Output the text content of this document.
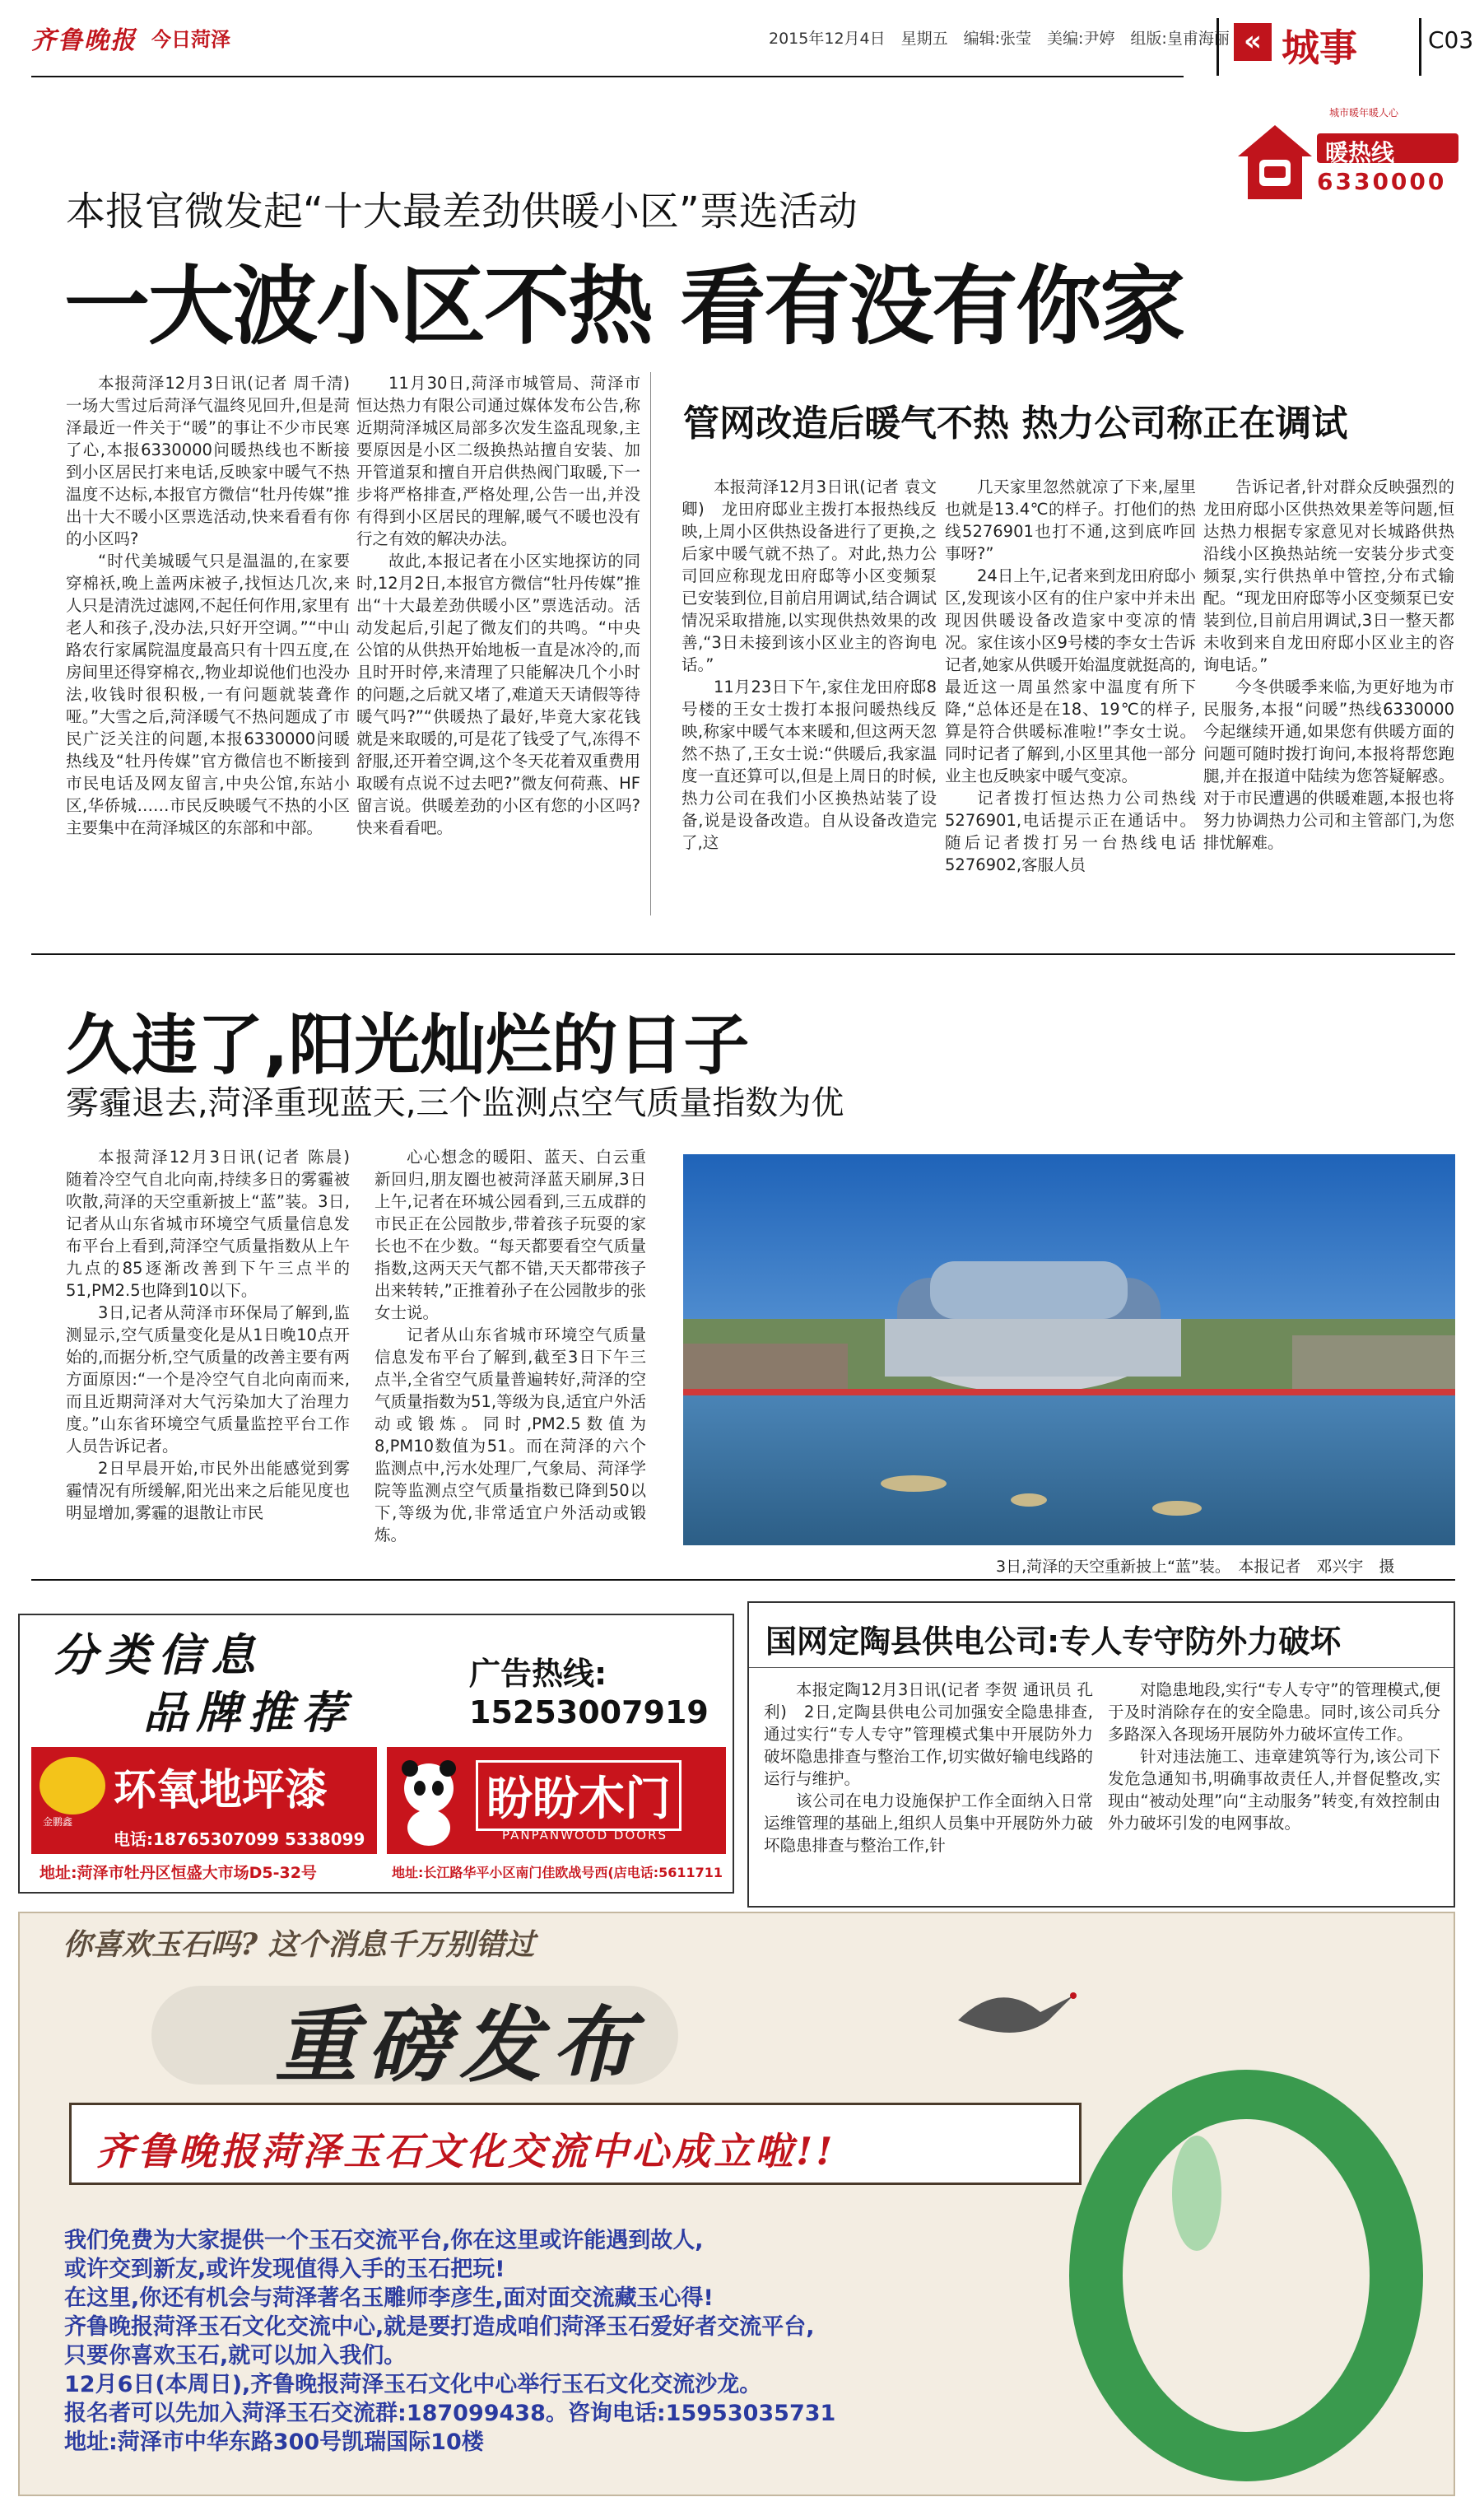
齐鲁晚报 今日菏泽	2015年12月4日　星期五　编辑:张莹　美编:尹婷　组版:皇甫海丽 « 城事	C03
城市暖年暖人心
暖热线
6330000
本报官微发起“十大最差劲供暖小区”票选活动
一大波小区不热 看有没有你家

本报菏泽12月3日讯(记者 周千清)　一场大雪过后菏泽气温终见回升,但是菏泽最近一件关于“暖”的事让不少市民寒了心,本报6330000问暖热线也不断接到小区居民打来电话,反映家中暖气不热温度不达标,本报官方微信“牡丹传媒”推出十大不暖小区票选活动,快来看看有你的小区吗?

“时代美城暖气只是温温的,在家要穿棉袄,晚上盖两床被子,找恒达几次,来人只是清洗过滤网,不起任何作用,家里有老人和孩子,没办法,只好开空调。”“中山路农行家属院温度最高只有十四五度,在房间里还得穿棉衣,,物业却说他们也没办法,收钱时很积极,一有问题就装聋作哑。”大雪之后,菏泽暖气不热问题成了市民广泛关注的问题,本报6330000问暖热线及“牡丹传媒”官方微信也不断接到市民电话及网友留言,中央公馆,东站小区,华侨城……市民反映暖气不热的小区主要集中在菏泽城区的东部和中部。

11月30日,菏泽市城管局、菏泽市恒达热力有限公司通过媒体发布公告,称近期菏泽城区局部多次发生盗乱现象,主要原因是小区二级换热站擅自安装、加开管道泵和擅自开启供热阀门取暖,下一步将严格排查,严格处理,公告一出,并没有得到小区居民的理解,暖气不暖也没有行之有效的解决办法。

故此,本报记者在小区实地探访的同时,12月2日,本报官方微信“牡丹传媒”推出“十大最差劲供暖小区”票选活动。活动发起后,引起了微友们的共鸣。“中央公馆的从供热开始地板一直是冰冷的,而且时开时停,来清理了只能解决几个小时的问题,之后就又堵了,难道天天请假等待暖气吗?”“供暖热了最好,毕竟大家花钱就是来取暖的,可是花了钱受了气,冻得不舒服,还开着空调,这个冬天花着双重费用取暖有点说不过去吧?”微友何荷燕、HF留言说。供暖差劲的小区有您的小区吗?快来看看吧。

管网改造后暖气不热 热力公司称正在调试

本报菏泽12月3日讯(记者 袁文卿)　龙田府邸业主拨打本报热线反映,上周小区供热设备进行了更换,之后家中暖气就不热了。对此,热力公司回应称现龙田府邸等小区变频泵已安装到位,目前启用调试,结合调试情况采取措施,以实现供热效果的改善,“3日未接到该小区业主的咨询电话。”

11月23日下午,家住龙田府邸8号楼的王女士拨打本报问暖热线反映,称家中暖气本来暖和,但这两天忽然不热了,王女士说:“供暖后,我家温度一直还算可以,但是上周日的时候,热力公司在我们小区换热站装了设备,说是设备改造。自从设备改造完了,这

几天家里忽然就凉了下来,屋里也就是13.4℃的样子。打他们的热线5276901也打不通,这到底咋回事呀?”

24日上午,记者来到龙田府邸小区,发现该小区有的住户家中并未出现因供暖设备改造家中变凉的情况。家住该小区9号楼的李女士告诉记者,她家从供暖开始温度就挺高的,最近这一周虽然家中温度有所下降,“总体还是在18、19℃的样子,算是符合供暖标准啦!”李女士说。同时记者了解到,小区里其他一部分业主也反映家中暖气变凉。

记者拨打恒达热力公司热线5276901,电话提示正在通话中。随后记者拨打另一台热线电话5276902,客服人员

告诉记者,针对群众反映强烈的龙田府邸小区供热效果差等问题,恒达热力根据专家意见对长城路供热沿线小区换热站统一安装分步式变频泵,实行供热单中管控,分布式输配。“现龙田府邸等小区变频泵已安装到位,目前启用调试,3日一整天都未收到来自龙田府邸小区业主的咨询电话。”

今冬供暖季来临,为更好地为市民服务,本报“问暖”热线6330000今起继续开通,如果您有供暖方面的问题可随时拨打询问,本报将帮您跑腿,并在报道中陆续为您答疑解惑。对于市民遭遇的供暖难题,本报也将努力协调热力公司和主管部门,为您排忧解难。

久违了,阳光灿烂的日子
雾霾退去,菏泽重现蓝天,三个监测点空气质量指数为优

本报菏泽12月3日讯(记者 陈晨)　随着冷空气自北向南,持续多日的雾霾被吹散,菏泽的天空重新披上“蓝”装。3日,记者从山东省城市环境空气质量信息发布平台上看到,菏泽空气质量指数从上午九点的85逐渐改善到下午三点半的51,PM2.5也降到10以下。

3日,记者从菏泽市环保局了解到,监测显示,空气质量变化是从1日晚10点开始的,而据分析,空气质量的改善主要有两方面原因:“一个是冷空气自北向南而来,而且近期菏泽对大气污染加大了治理力度。”山东省环境空气质量监控平台工作人员告诉记者。

2日早晨开始,市民外出能感觉到雾霾情况有所缓解,阳光出来之后能见度也明显增加,雾霾的退散让市民

心心想念的暖阳、蓝天、白云重新回归,朋友圈也被菏泽蓝天刷屏,3日上午,记者在环城公园看到,三五成群的市民正在公园散步,带着孩子玩耍的家长也不在少数。“每天都要看空气质量指数,这两天天气都不错,天天都带孩子出来转转,”正推着孙子在公园散步的张女士说。

记者从山东省城市环境空气质量信息发布平台了解到,截至3日下午三点半,全省空气质量普遍转好,菏泽的空气质量指数为51,等级为良,适宜户外活动或锻炼。同时,PM2.5数值为8,PM10数值为51。而在菏泽的六个监测点中,污水处理厂,气象局、菏泽学院等监测点空气质量指数已降到50以下,等级为优,非常适宜户外活动或锻炼。

3日,菏泽的天空重新披上“蓝”装。　本报记者　邓兴宇　摄
分类信息
品牌推荐
广告热线:
15253007919
金鹏鑫
环氧地坪漆
电话:18765307099 5338099
地址:菏泽市牡丹区恒盛大市场D5-32号
盼盼木门
PANPANWOOD DOORS
地址:长江路华平小区南门佳欧战号西(店电话:5611711
国网定陶县供电公司:专人专守防外力破坏

本报定陶12月3日讯(记者 李贺 通讯员 孔利)　2日,定陶县供电公司加强安全隐患排查,通过实行“专人专守”管理模式集中开展防外力破坏隐患排查与整治工作,切实做好输电线路的运行与维护。

该公司在电力设施保护工作全面纳入日常运维管理的基础上,组织人员集中开展防外力破坏隐患排查与整治工作,针

对隐患地段,实行“专人专守”的管理模式,便于及时消除存在的安全隐患。同时,该公司兵分多路深入各现场开展防外力破坏宣传工作。

针对违法施工、违章建筑等行为,该公司下发危急通知书,明确事故责任人,并督促整改,实现由“被动处理”向“主动服务”转变,有效控制由外力破坏引发的电网事故。

你喜欢玉石吗? 这个消息千万别错过
重磅发布
齐鲁晚报菏泽玉石文化交流中心成立啦!!
我们免费为大家提供一个玉石交流平台,你在这里或许能遇到故人,
或许交到新友,或许发现值得入手的玉石把玩!
在这里,你还有机会与菏泽著名玉雕师李彦生,面对面交流藏玉心得!
齐鲁晚报菏泽玉石文化交流中心,就是要打造成咱们菏泽玉石爱好者交流平台,
只要你喜欢玉石,就可以加入我们。
12月6日(本周日),齐鲁晚报菏泽玉石文化中心举行玉石文化交流沙龙。
报名者可以先加入菏泽玉石交流群:187099438。咨询电话:15953035731
地址:菏泽市中华东路300号凯瑞国际10楼
